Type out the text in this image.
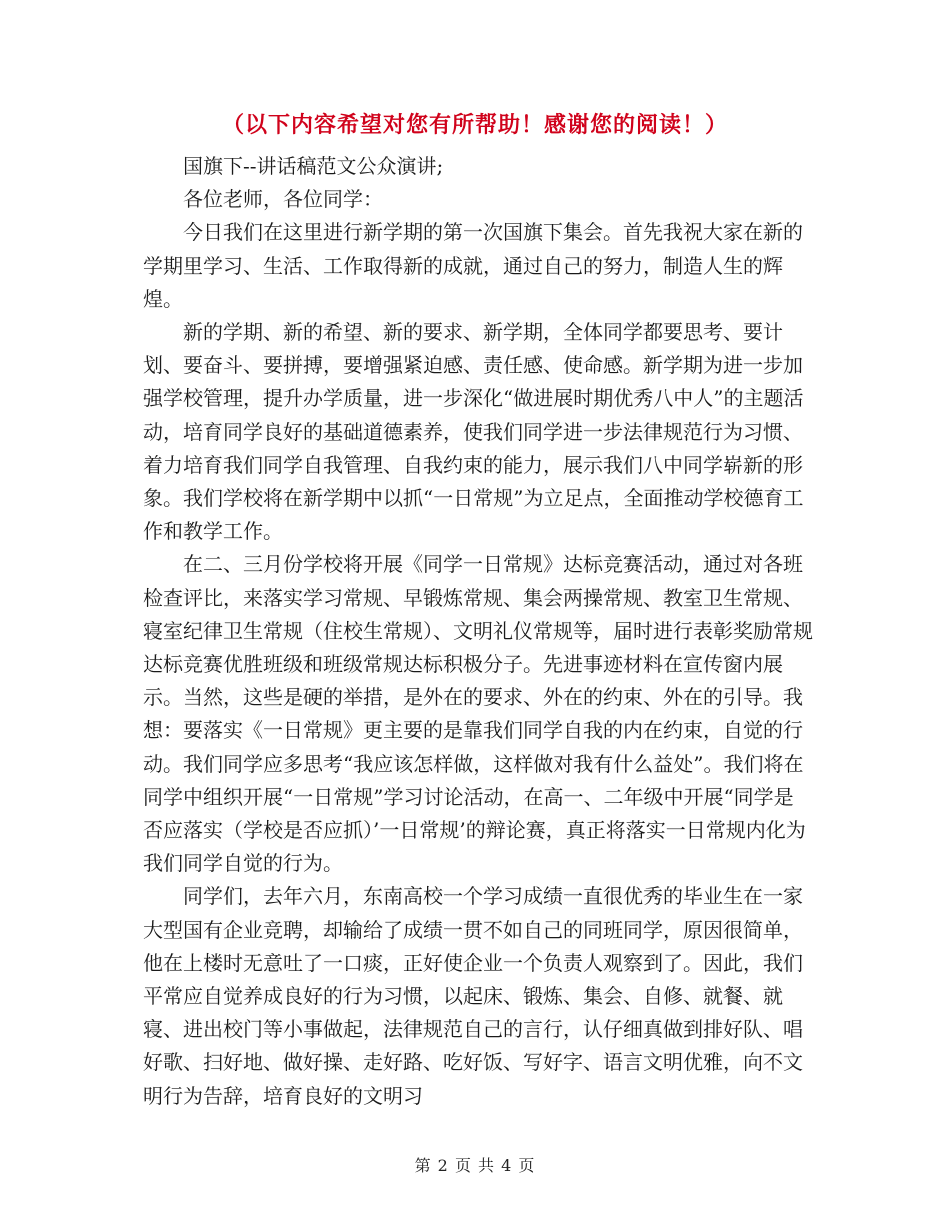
（以下内容希望对您有所帮助！感谢您的阅读！）

国旗下--讲话稿范文公众演讲;

各位老师，各位同学：

今日我们在这里进行新学期的第一次国旗下集会。首先我祝大家在新的学期里学习、生活、工作取得新的成就，通过自己的努力，制造人生的辉煌。

新的学期、新的希望、新的要求、新学期，全体同学都要思考、要计划、要奋斗、要拼搏，要增强紧迫感、责任感、使命感。新学期为进一步加强学校管理，提升办学质量，进一步深化“做进展时期优秀八中人”的主题活动，培育同学良好的基础道德素养，使我们同学进一步法律规范行为习惯、着力培育我们同学自我管理、自我约束的能力，展示我们八中同学崭新的形象。我们学校将在新学期中以抓“一日常规”为立足点，全面推动学校德育工作和教学工作。

在二、三月份学校将开展《同学一日常规》达标竞赛活动，通过对各班检查评比，来落实学习常规、早锻炼常规、集会两操常规、教室卫生常规、寝室纪律卫生常规（住校生常规）、文明礼仪常规等，届时进行表彰奖励常规达标竞赛优胜班级和班级常规达标积极分子。先进事迹材料在宣传窗内展示。当然，这些是硬的举措，是外在的要求、外在的约束、外在的引导。我想：要落实《一日常规》更主要的是靠我们同学自我的内在约束，自觉的行动。我们同学应多思考“我应该怎样做，这样做对我有什么益处”。我们将在同学中组织开展“一日常规”学习讨论活动，在高一、二年级中开展“同学是否应落实（学校是否应抓）’一日常规’的辩论赛，真正将落实一日常规内化为我们同学自觉的行为。

同学们，去年六月，东南高校一个学习成绩一直很优秀的毕业生在一家大型国有企业竞聘，却输给了成绩一贯不如自己的同班同学，原因很简单，他在上楼时无意吐了一口痰，正好使企业一个负责人观察到了。因此，我们平常应自觉养成良好的行为习惯，以起床、锻炼、集会、自修、就餐、就寝、进出校门等小事做起，法律规范自己的言行，认仔细真做到排好队、唱好歌、扫好地、做好操、走好路、吃好饭、写好字、语言文明优雅，向不文明行为告辞，培育良好的文明习

第 2 页 共 4 页
